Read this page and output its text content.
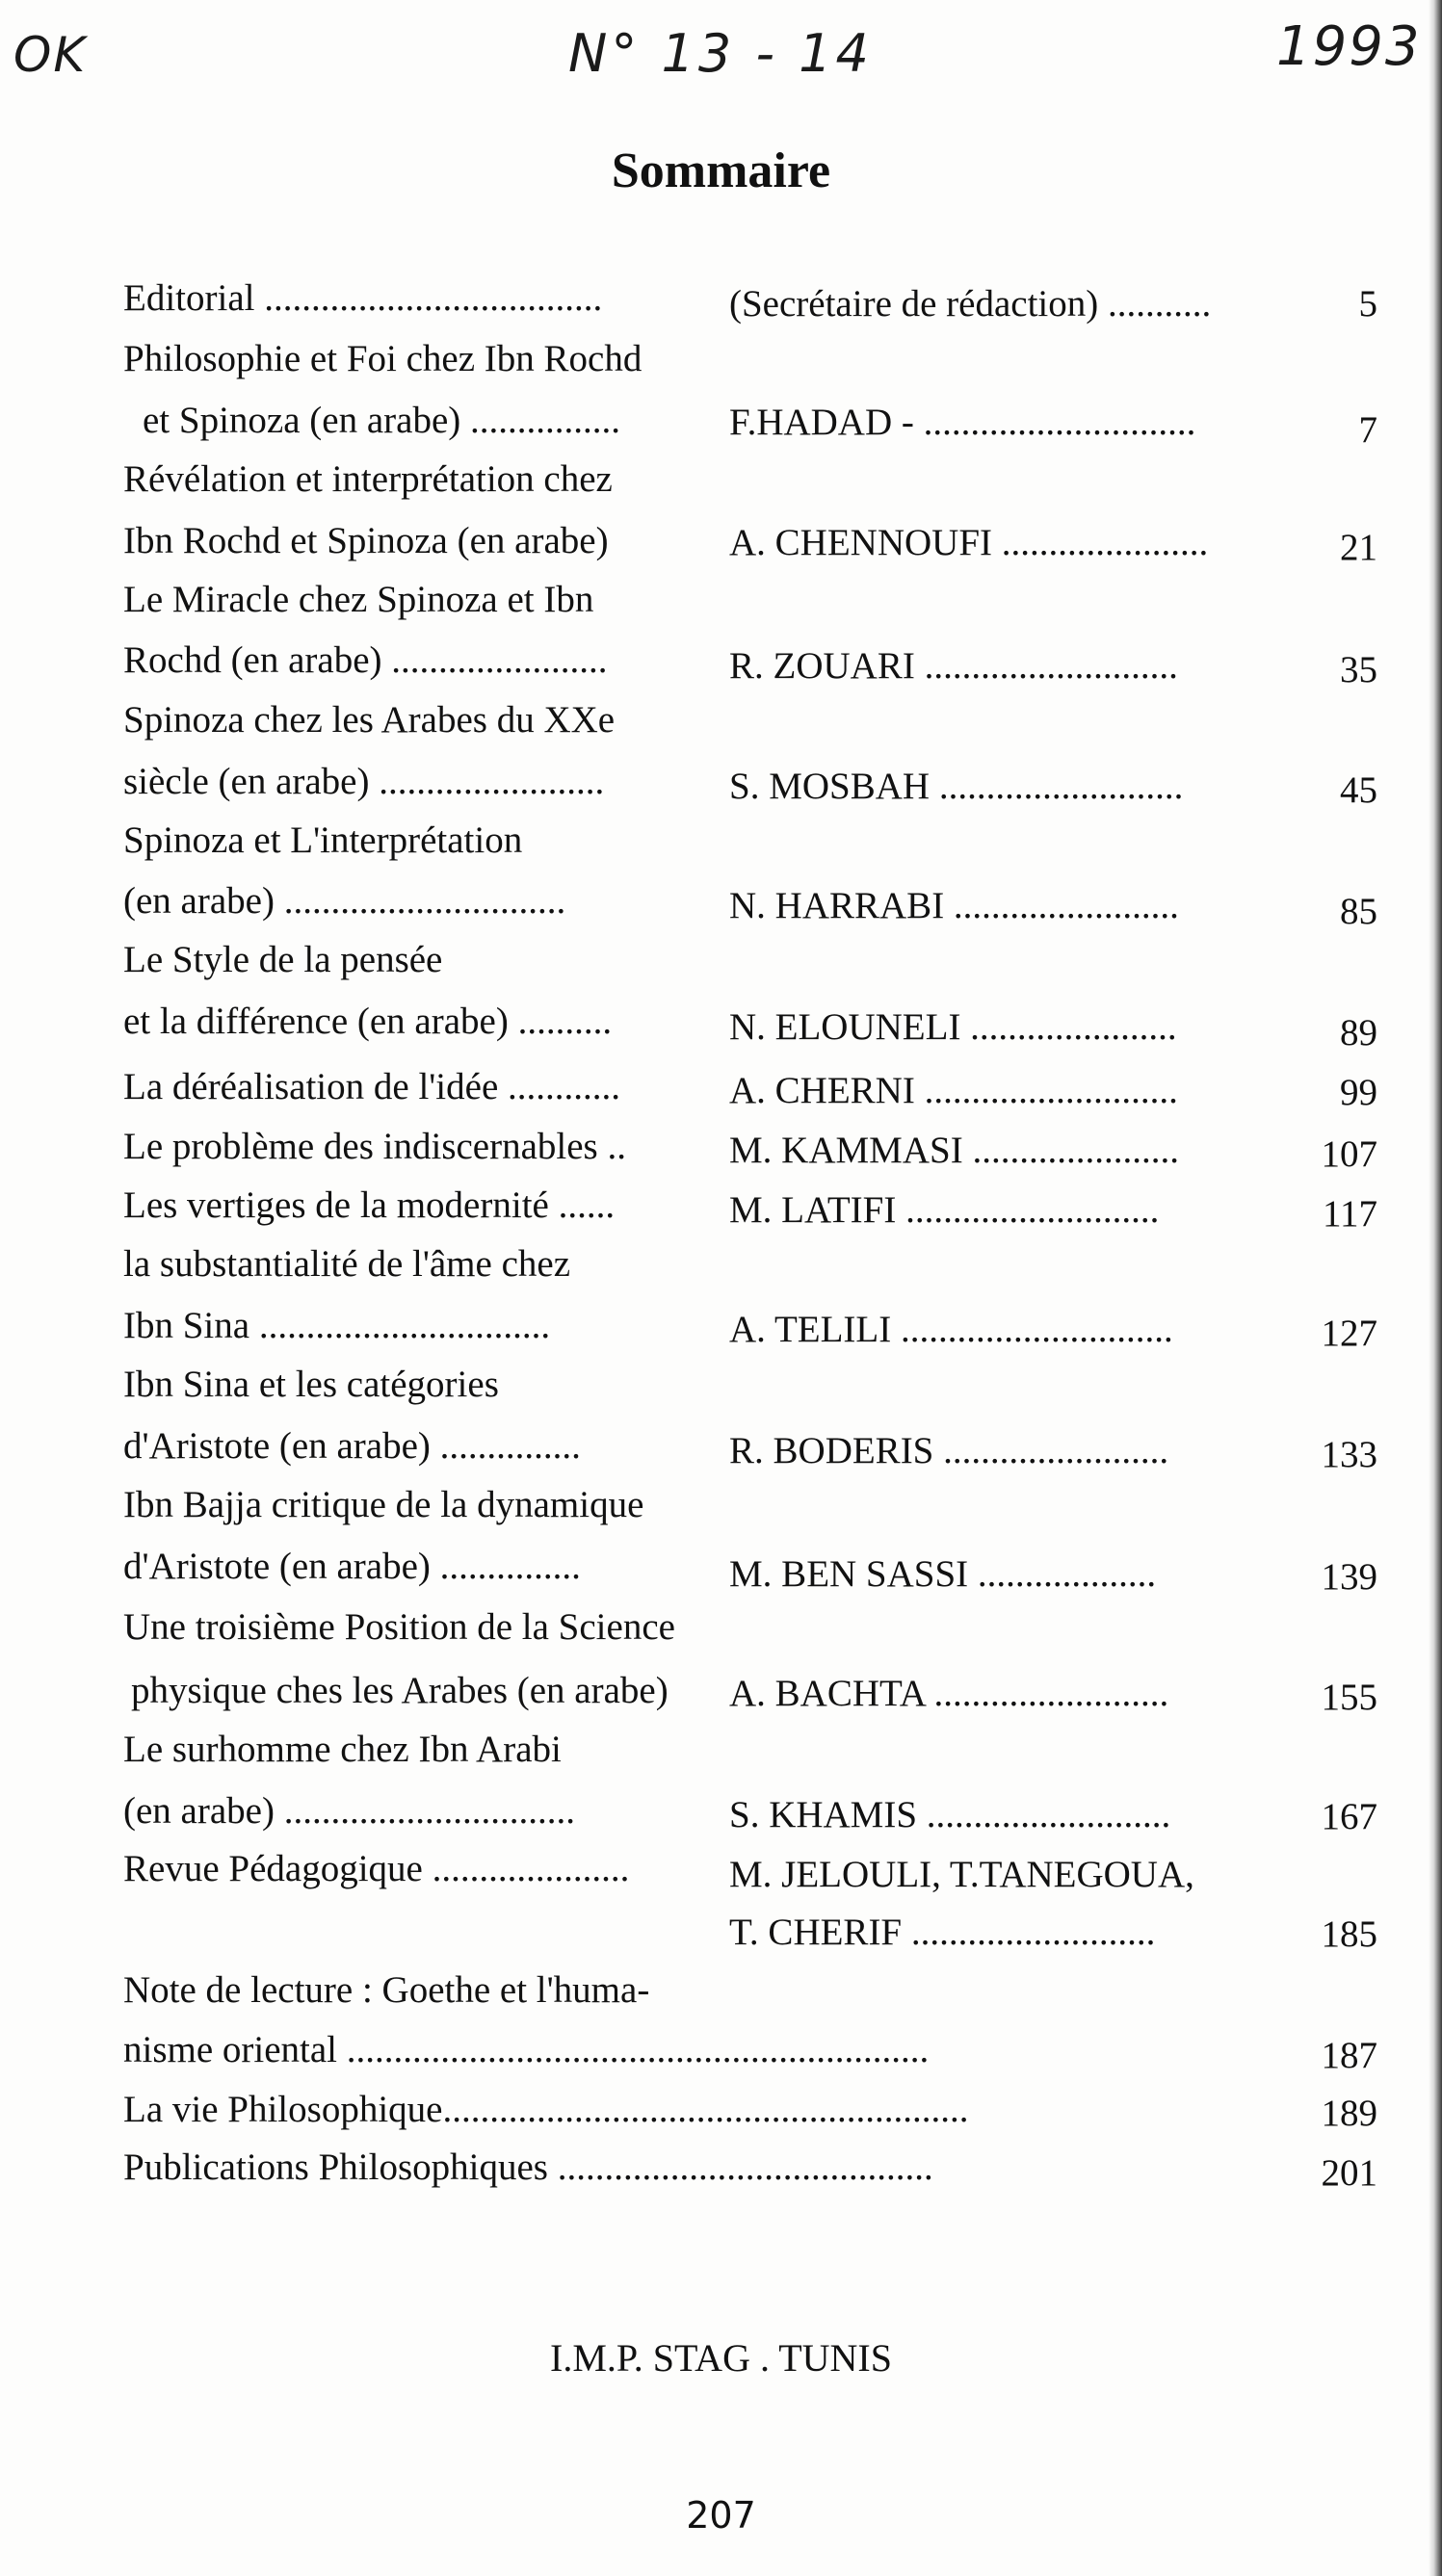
OK	N° 13 - 14	1993
Sommaire
Editorial ....................................	(Secrétaire de rédaction) ...........	5
Philosophie et Foi chez Ibn Rochd
et Spinoza (en arabe) ................	F.HADAD - .............................	7
Révélation et interprétation chez
Ibn Rochd et Spinoza (en arabe)	A. CHENNOUFI ......................	21
Le Miracle chez Spinoza et Ibn
Rochd (en arabe) .......................	R. ZOUARI ...........................	35
Spinoza chez les Arabes du XXe
siècle (en arabe) ........................	S. MOSBAH ..........................	45
Spinoza et L'interprétation
(en arabe) ..............................	N. HARRABI ........................	85
Le Style de la pensée
et la différence (en arabe) ..........	N. ELOUNELI ......................	89
La déréalisation de l'idée ............	A. CHERNI ...........................	99
Le problème des indiscernables ..	M. KAMMASI ......................	107
Les vertiges de la modernité ......	M. LATIFI ...........................	117
la substantialité de l'âme chez
Ibn Sina ...............................	A. TELILI .............................	127
Ibn Sina et les catégories
d'Aristote (en arabe) ...............	R. BODERIS ........................	133
Ibn Bajja critique de la dynamique
d'Aristote (en arabe) ...............	M. BEN SASSI ...................	139
Une troisième Position de la Science
physique ches les Arabes (en arabe)	A. BACHTA .........................	155
Le surhomme chez Ibn Arabi
(en arabe) ...............................	S. KHAMIS ..........................	167
Revue Pédagogique .....................	M. JELOULI, T.TANEGOUA,
T. CHERIF ..........................	185
Note de lecture : Goethe et l'huma-
nisme oriental ..............................................................	187
La vie Philosophique........................................................	189
Publications Philosophiques ........................................	201
I.M.P. STAG . TUNIS
207
